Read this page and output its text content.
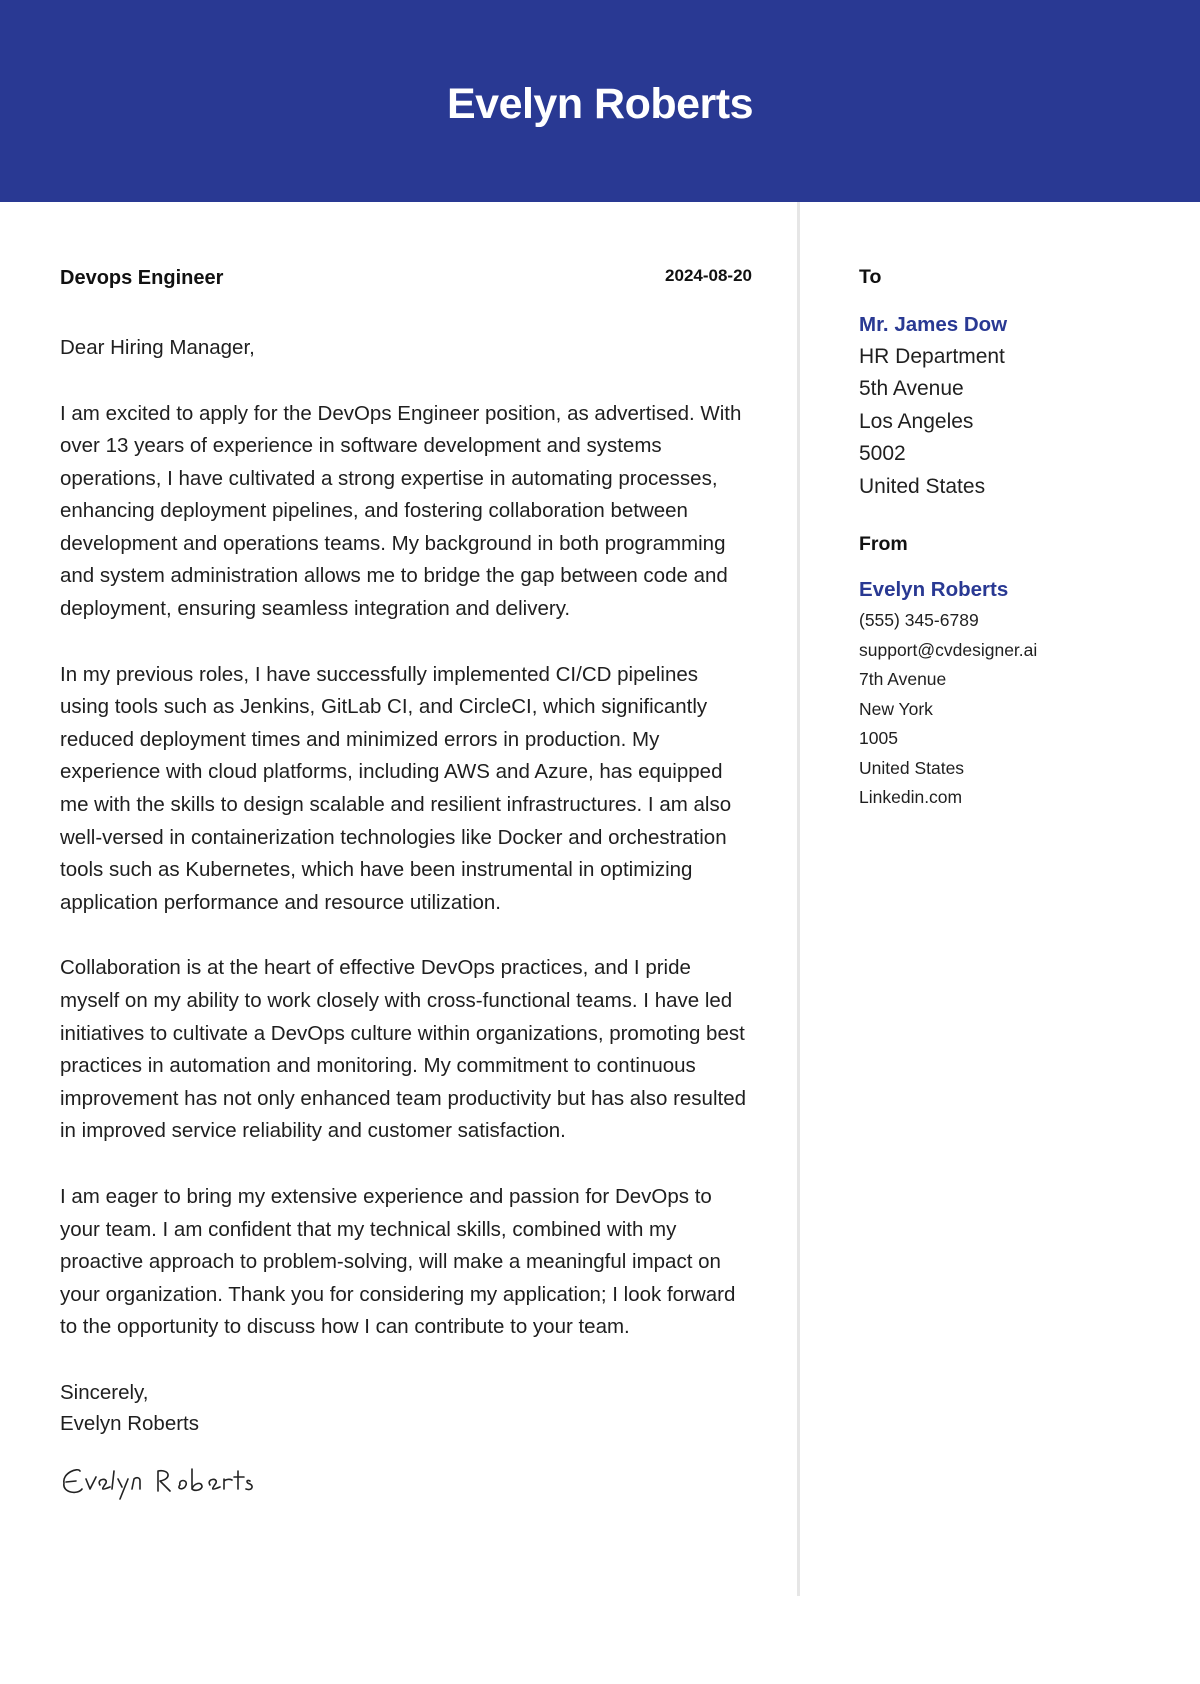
Evelyn Roberts
Devops Engineer	2024-08-20
Dear Hiring Manager,
I am excited to apply for the DevOps Engineer position, as advertised. With over 13 years of experience in software development and systems operations, I have cultivated a strong expertise in automating processes, enhancing deployment pipelines, and fostering collaboration between development and operations teams. My background in both programming and system administration allows me to bridge the gap between code and deployment, ensuring seamless integration and delivery.
In my previous roles, I have successfully implemented CI/CD pipelines using tools such as Jenkins, GitLab CI, and CircleCI, which significantly reduced deployment times and minimized errors in production. My experience with cloud platforms, including AWS and Azure, has equipped me with the skills to design scalable and resilient infrastructures. I am also well-versed in containerization technologies like Docker and orchestration tools such as Kubernetes, which have been instrumental in optimizing application performance and resource utilization.
Collaboration is at the heart of effective DevOps practices, and I pride myself on my ability to work closely with cross-functional teams. I have led initiatives to cultivate a DevOps culture within organizations, promoting best practices in automation and monitoring. My commitment to continuous improvement has not only enhanced team productivity but has also resulted in improved service reliability and customer satisfaction.
I am eager to bring my extensive experience and passion for DevOps to your team. I am confident that my technical skills, combined with my proactive approach to problem-solving, will make a meaningful impact on your organization. Thank you for considering my application; I look forward to the opportunity to discuss how I can contribute to your team.
Sincerely,
Evelyn Roberts
To
Mr. James Dow
HR Department
5th Avenue
Los Angeles
5002
United States
From
Evelyn Roberts
(555) 345-6789
support@cvdesigner.ai
7th Avenue
New York
1005
United States
Linkedin.com
